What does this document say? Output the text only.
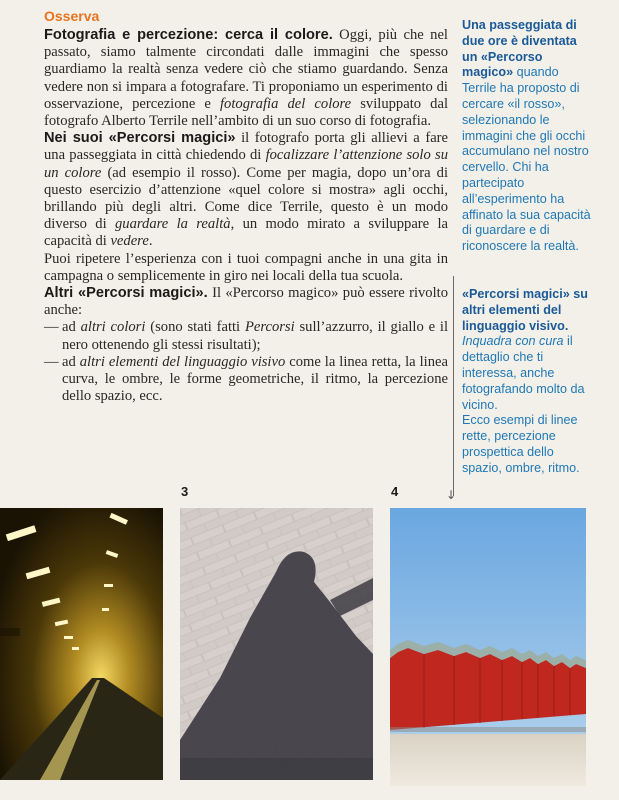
Osserva

Fotografia e percezione: cerca il colore. Oggi, più che nel passato, siamo talmente circondati dalle immagini che spesso guardiamo la realtà senza vedere ciò che stiamo guardando. Senza vedere non si impara a fotografare. Ti proponiamo un esperimento di osservazione, percezione e fotografia del colore sviluppato dal fotografo Alberto Terrile nell’ambito di un suo corso di fotografia.

Nei suoi «Percorsi magici» il fotografo porta gli allievi a fare una passeggiata in città chiedendo di focalizzare l’attenzione solo su un colore (ad esempio il rosso). Come per magia, dopo un’ora di questo esercizio d’attenzione «quel colore si mostra» agli occhi, brillando più degli altri. Come dice Terrile, questo è un modo diverso di guardare la realtà, un modo mirato a sviluppare la capacità di vedere.

Puoi ripetere l’esperienza con i tuoi compagni anche in una gita in campagna o semplicemente in giro nei locali della tua scuola.

Altri «Percorsi magici». Il «Percorso magico» può essere rivolto anche:

— ad altri colori (sono stati fatti Percorsi sull’azzurro, il giallo e il nero ottenendo gli stessi risultati);
— ad altri elementi del linguaggio visivo come la linea retta, la linea curva, le ombre, le forme geometriche, il ritmo, la percezione dello spazio, ecc.

Una passeggiata di due ore è diventata un «Percorso magico» quando Terrile ha proposto di cercare «il rosso», selezionando le immagini che gli occhi accumulano nel nostro cervello. Chi ha partecipato all’esperimento ha affinato la sua capacità di guardare e di riconoscere la realtà.

↓

«Percorsi magici» su altri elementi del linguaggio visivo.

Inquadra con cura il dettaglio che ti interessa, anche fotografando molto da vicino.

Ecco esempi di linee rette, percezione prospettica dello spazio, ombre, ritmo.

3	4
